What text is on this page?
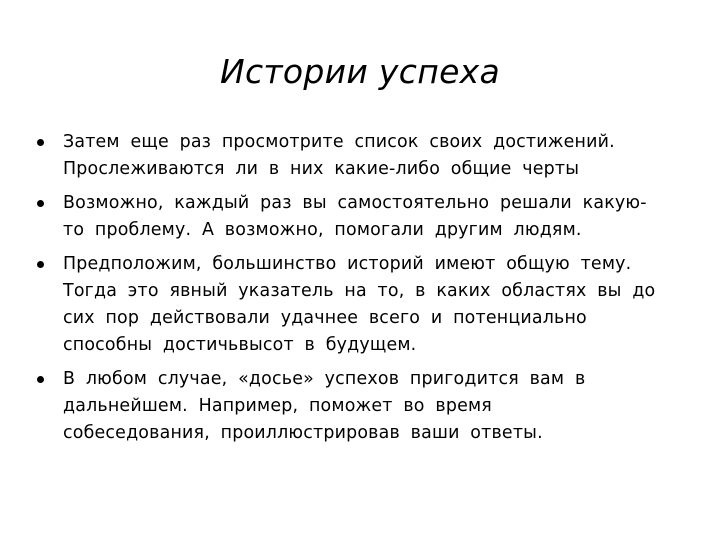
Истории успеха
Затем еще раз просмотрите список своих достижений.
Прослеживаются ли в них какие-либо общие черты
Возможно, каждый раз вы самостоятельно решали какую-
то проблему. А возможно, помогали другим людям.
Предположим, большинство историй имеют общую тему.
Тогда это явный указатель на то, в каких областях вы до
сих пор действовали удачнее всего и потенциально
способны достичьвысот в будущем.
В любом случае, «досье» успехов пригодится вам в
дальнейшем. Например, поможет во время
собеседования, проиллюстрировав ваши ответы.
